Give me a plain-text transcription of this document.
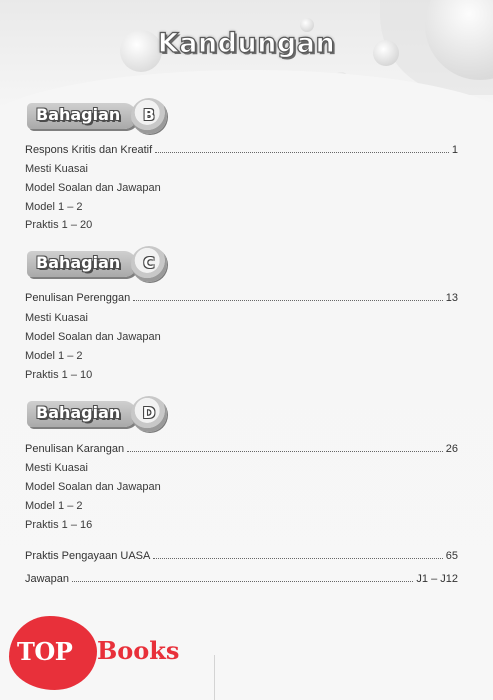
Kandungan
Bahagian	B
Respons Kritis dan Kreatif	1
Mesti Kuasai
Model Soalan dan Jawapan
Model 1 – 2
Praktis 1 – 20
Bahagian	C
Penulisan Perenggan	13
Mesti Kuasai
Model Soalan dan Jawapan
Model 1 – 2
Praktis 1 – 10
Bahagian	D
Penulisan Karangan	26
Mesti Kuasai
Model Soalan dan Jawapan
Model 1 – 2
Praktis 1 – 16
Praktis Pengayaan UASA	65
Jawapan	J1 – J12
TOP Books
